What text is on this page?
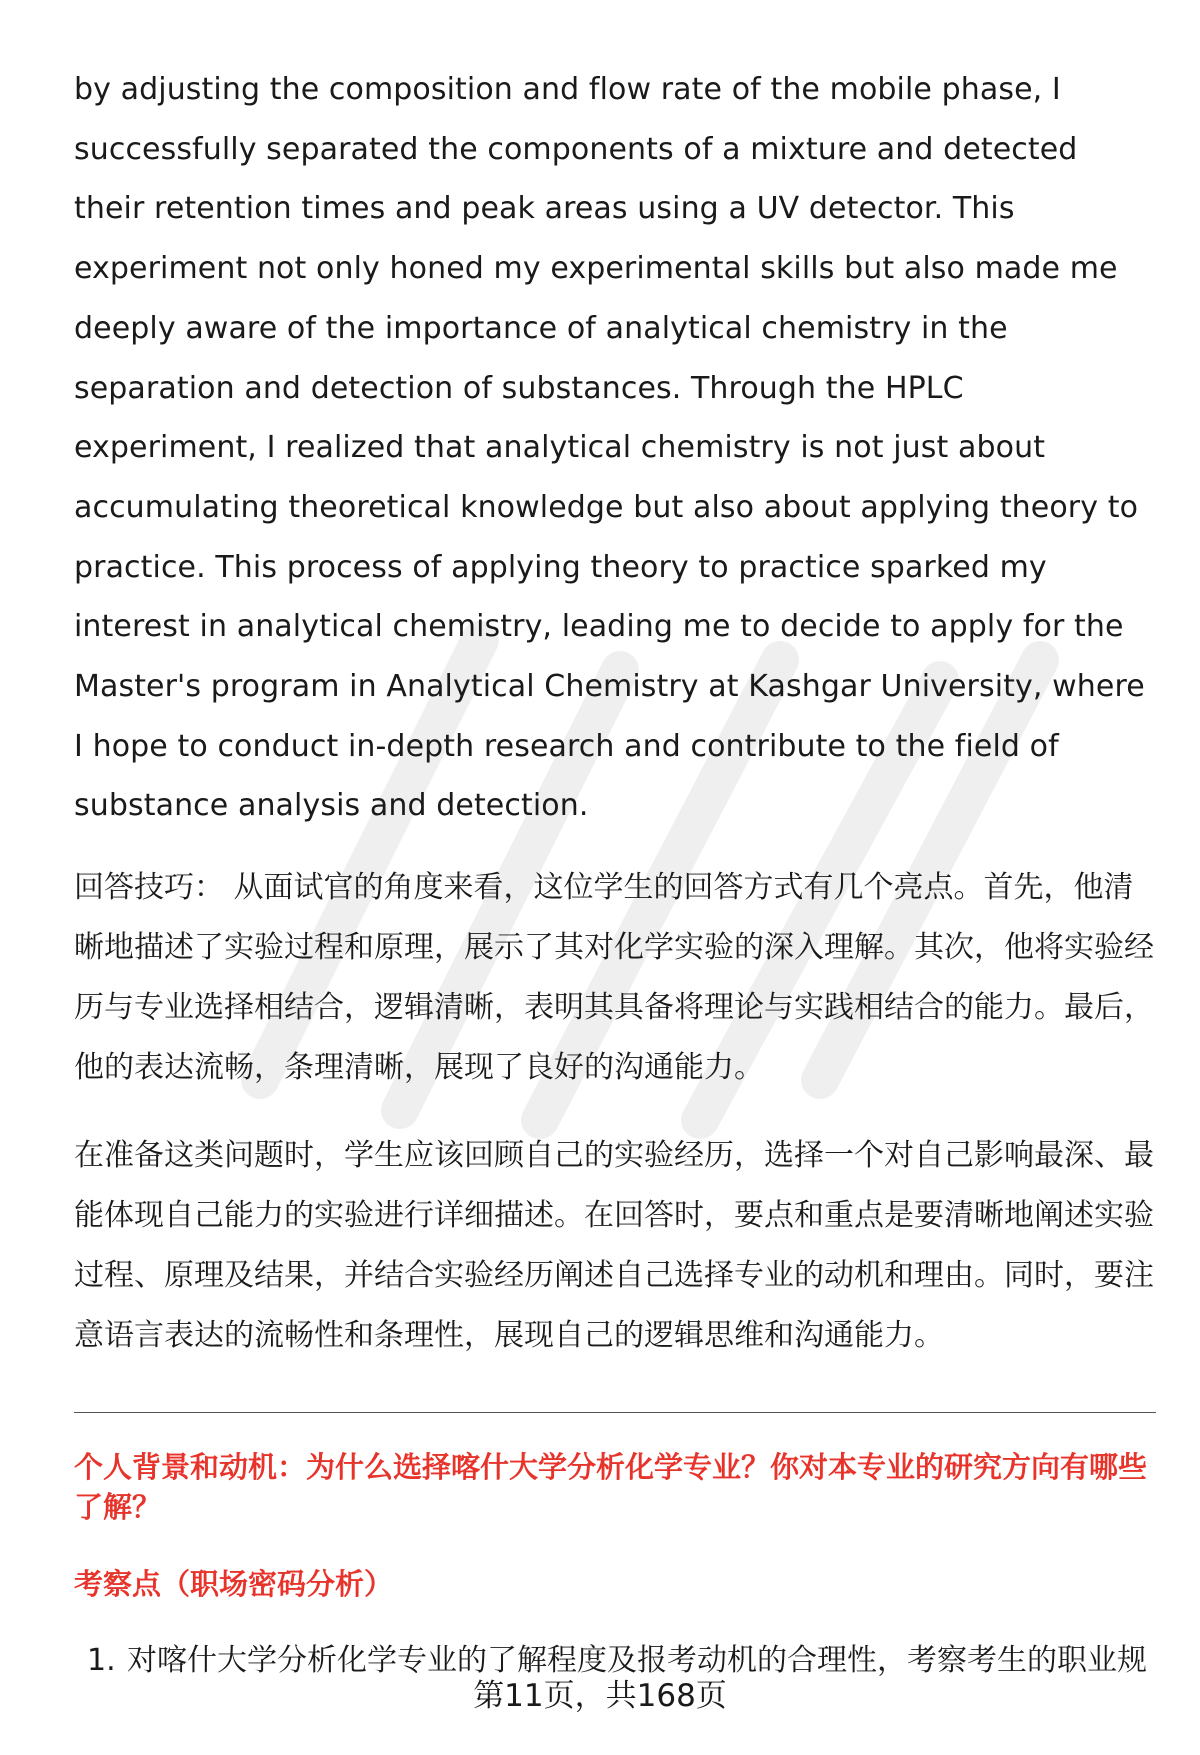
by adjusting the composition and flow rate of the mobile phase, I successfully separated the components of a mixture and detected their retention times and peak areas using a UV detector. This experiment not only honed my experimental skills but also made me deeply aware of the importance of analytical chemistry in the separation and detection of substances. Through the HPLC experiment, I realized that analytical chemistry is not just about accumulating theoretical knowledge but also about applying theory to practice. This process of applying theory to practice sparked my interest in analytical chemistry, leading me to decide to apply for the Master's program in Analytical Chemistry at Kashgar University, where I hope to conduct in-depth research and contribute to the field of substance analysis and detection.

回答技巧： 从面试官的角度来看，这位学生的回答方式有几个亮点。首先，他清晰地描述了实验过程和原理，展示了其对化学实验的深入理解。其次，他将实验经历与专业选择相结合，逻辑清晰，表明其具备将理论与实践相结合的能力。最后，他的表达流畅，条理清晰，展现了良好的沟通能力。

在准备这类问题时，学生应该回顾自己的实验经历，选择一个对自己影响最深、最能体现自己能力的实验进行详细描述。在回答时，要点和重点是要清晰地阐述实验过程、原理及结果，并结合实验经历阐述自己选择专业的动机和理由。同时，要注意语言表达的流畅性和条理性，展现自己的逻辑思维和沟通能力。

个人背景和动机：为什么选择喀什大学分析化学专业？你对本专业的研究方向有哪些了解？
考察点（职场密码分析）
1. 对喀什大学分析化学专业的了解程度及报考动机的合理性，考察考生的职业规
第11页，共168页
